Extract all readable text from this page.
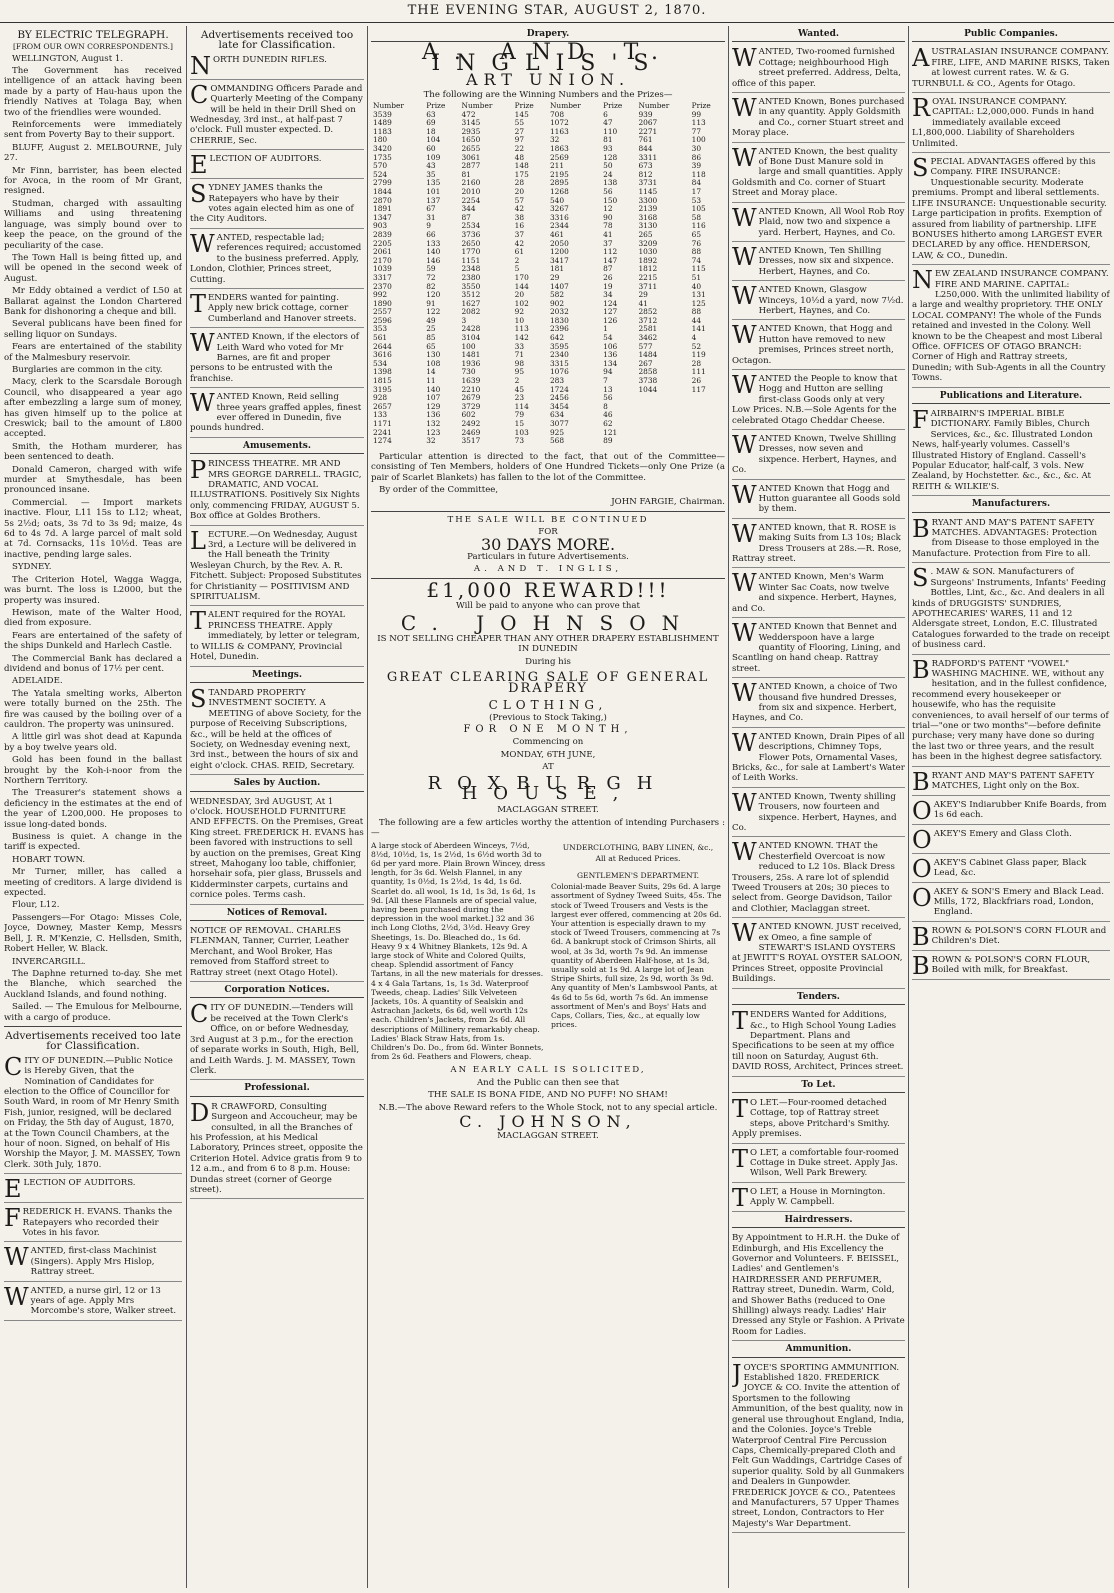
THE EVENING STAR, AUGUST 2, 1870.
BY ELECTRIC TELEGRAPH.
[FROM OUR OWN CORRESPONDENTS.]
WELLINGTON, August 1.
The Government has received intelligence of an attack having been made by a party of Hau-haus upon the friendly Natives at Tolaga Bay, when two of the friendlies were wounded.
Reinforcements were immediately sent from Poverty Bay to their support.
BLUFF, August 2. MELBOURNE, July 27.
Mr Finn, barrister, has been elected for Avoca, in the room of Mr Grant, resigned.
Studman, charged with assaulting Williams and using threatening language, was simply bound over to keep the peace, on the ground of the peculiarity of the case.
The Town Hall is being fitted up, and will be opened in the second week of August.
Mr Eddy obtained a verdict of L50 at Ballarat against the London Chartered Bank for dishonoring a cheque and bill.
Several publicans have been fined for selling liquor on Sundays.
Fears are entertained of the stability of the Malmesbury reservoir.
Burglaries are common in the city.
Macy, clerk to the Scarsdale Borough Council, who disappeared a year ago after embezzling a large sum of money, has given himself up to the police at Creswick; bail to the amount of L800 accepted.
Smith, the Hotham murderer, has been sentenced to death.
Donald Cameron, charged with wife murder at Smythesdale, has been pronounced insane.
Commercial. — Import markets inactive. Flour, L11 15s to L12; wheat, 5s 2½d; oats, 3s 7d to 3s 9d; maize, 4s 6d to 4s 7d. A large parcel of malt sold at 7d. Cornsacks, 11s 10½d. Teas are inactive, pending large sales.
SYDNEY.
The Criterion Hotel, Wagga Wagga, was burnt. The loss is L2000, but the property was insured.
Hewison, mate of the Walter Hood, died from exposure.
Fears are entertained of the safety of the ships Dunkeld and Harlech Castle.
The Commercial Bank has declared a dividend and bonus of 17½ per cent.
ADELAIDE.
The Yatala smelting works, Alberton were totally burned on the 25th. The fire was caused by the boiling over of a cauldron. The property was uninsured.
A little girl was shot dead at Kapunda by a boy twelve years old.
Gold has been found in the ballast brought by the Koh-i-noor from the Northern Territory.
The Treasurer's statement shows a deficiency in the estimates at the end of the year of L200,000. He proposes to issue long-dated bonds.
Business is quiet. A change in the tariff is expected.
HOBART TOWN.
Mr Turner, miller, has called a meeting of creditors. A large dividend is expected.
Flour, L12.
Passengers—For Otago: Misses Cole, Joyce, Downey, Master Kemp, Messrs Bell, J. R. M'Kenzie, C. Hellsden, Smith, Robert Heller, W. Black.
INVERCARGILL.
The Daphne returned to-day. She met the Blanche, which searched the Auckland Islands, and found nothing.
Sailed. — The Emulous for Melbourne, with a cargo of produce.
Advertisements received too late for Classification.
CITY OF DUNEDIN.—Public Notice is Hereby Given, that the Nomination of Candidates for election to the Office of Councillor for South Ward, in room of Mr Henry Smith Fish, junior, resigned, will be declared on Friday, the 5th day of August, 1870, at the Town Council Chambers, at the hour of noon. Signed, on behalf of His Worship the Mayor, J. M. MASSEY, Town Clerk. 30th July, 1870.
ELECTION OF AUDITORS.
FREDERICK H. EVANS. Thanks the Ratepayers who recorded their Votes in his favor.
WANTED, first-class Machinist (Singers). Apply Mrs Hislop, Rattray street.
WANTED, a nurse girl, 12 or 13 years of age. Apply Mrs Morcombe's store, Walker street.
Advertisements received too late for Classification.
NORTH DUNEDIN RIFLES.
COMMANDING Officers Parade and Quarterly Meeting of the Company will be held in their Drill Shed on Wednesday, 3rd inst., at half-past 7 o'clock. Full muster expected. D. CHERRIE, Sec.
ELECTION OF AUDITORS.
SYDNEY JAMES thanks the Ratepayers who have by their votes again elected him as one of the City Auditors.
WANTED, respectable lad; references required; accustomed to the business preferred. Apply, London, Clothier, Princes street, Cutting.
TENDERS wanted for painting. Apply new brick cottage, corner Cumberland and Hanover streets.
WANTED Known, if the electors of Leith Ward who voted for Mr Barnes, are fit and proper persons to be entrusted with the franchise.
WANTED Known, Reid selling three years graffed apples, finest ever offered in Dunedin, five pounds hundred.
Amusements.
PRINCESS THEATRE. MR AND MRS GEORGE DARRELL. TRAGIC, DRAMATIC, AND VOCAL ILLUSTRATIONS. Positively Six Nights only, commencing FRIDAY, AUGUST 5. Box office at Goldes Brothers.
LECTURE.—On Wednesday, August 3rd, a Lecture will be delivered in the Hall beneath the Trinity Wesleyan Church, by the Rev. A. R. Fitchett. Subject: Proposed Substitutes for Christianity — POSITIVISM AND SPIRITUALISM.
TALENT required for the ROYAL PRINCESS THEATRE. Apply immediately, by letter or telegram, to WILLIS & COMPANY, Provincial Hotel, Dunedin.
Meetings.
STANDARD PROPERTY INVESTMENT SOCIETY. A MEETING of above Society, for the purpose of Receiving Subscriptions, &c., will be held at the offices of Society, on Wednesday evening next, 3rd inst., between the hours of six and eight o'clock. CHAS. REID, Secretary.
Sales by Auction.
WEDNESDAY, 3rd AUGUST, At 1 o'clock. HOUSEHOLD FURNITURE AND EFFECTS. On the Premises, Great King street. FREDERICK H. EVANS has been favored with instructions to sell by auction on the premises, Great King street, Mahogany loo table, chiffonier, horsehair sofa, pier glass, Brussels and Kidderminster carpets, curtains and cornice poles. Terms cash.
Notices of Removal.
NOTICE OF REMOVAL. CHARLES FLENMAN, Tanner, Currier, Leather Merchant, and Wool Broker, Has removed from Stafford street to Rattray street (next Otago Hotel).
Corporation Notices.
CITY OF DUNEDIN.—Tenders will be received at the Town Clerk's Office, on or before Wednesday, 3rd August at 3 p.m., for the erection of separate works in South, High, Bell, and Leith Wards. J. M. MASSEY, Town Clerk.
Professional.
D R CRAWFORD, Consulting Surgeon and Accoucheur, may be consulted, in all the Branches of his Profession, at his Medical Laboratory, Princes street, opposite the Criterion Hotel. Advice gratis from 9 to 12 a.m., and from 6 to 8 p.m. House: Dundas street (corner of George street).
Drapery.
A. AND T. INGLIS'S
ART UNION.
The following are the Winning Numbers and the Prizes—
Number	Prize	Number	Prize	Number	Prize	Number	Prize
3539	63	472	145	708	6	939	99
1489	69	3145	55	1072	47	2067	113
1183	18	2935	27	1163	110	2271	77
180	104	1650	97	32	81	761	100
3420	60	2655	22	1863	93	844	30
1735	109	3061	48	2569	128	3311	86
570	43	2877	148	211	50	673	39
524	35	81	175	2195	24	812	118
2799	135	2160	28	2895	138	3731	84
1844	101	2010	20	1268	56	1145	17
2870	137	2254	57	540	150	3300	53
1891	67	344	42	3267	12	2139	105
1347	31	87	38	3316	90	3168	58
903	9	2534	16	2344	78	3130	116
2839	66	3736	37	461	41	265	65
2205	133	2650	42	2050	37	3209	76
2061	140	1770	61	1200	112	1030	88
2170	146	1151	2	3417	147	1892	74
1039	59	2348	5	181	87	1812	115
3317	72	2380	170	29	26	2215	51
2370	82	3550	144	1407	19	3711	40
992	120	3512	20	582	34	29	131
1890	91	1627	102	902	124	41	125
2557	122	2082	92	2032	127	2852	88
2596	49	3	10	1830	126	3712	44
353	25	2428	113	2396	1	2581	141
561	85	3104	142	642	54	3462	4
2644	65	100	33	3595	106	577	52
3616	130	1481	71	2340	136	1484	119
534	108	1936	98	3315	134	267	28
1398	14	730	95	1076	94	2858	111
1815	11	1639	2	283	7	3738	26
3195	140	2210	45	1724	13	1044	117
928	107	2679	23	2456	56		
2657	129	3729	114	3454	8		
133	136	602	79	634	46		
1171	132	2492	15	3077	62		
2241	123	2469	103	925	121		
1274	32	3517	73	568	89		
Particular attention is directed to the fact, that out of the Committee—consisting of Ten Members, holders of One Hundred Tickets—only One Prize (a pair of Scarlet Blankets) has fallen to the lot of the Committee.
By order of the Committee,
JOHN FARGIE, Chairman.
THE SALE WILL BE CONTINUED
FOR
30 DAYS MORE.
Particulars in future Advertisements.
A. AND T. INGLIS,
£1,000 REWARD!!!
Will be paid to anyone who can prove that
C. JOHNSON
IS NOT SELLING CHEAPER THAN ANY OTHER DRAPERY ESTABLISHMENT IN DUNEDIN
During his
GREAT CLEARING SALE OF GENERAL DRAPERY
CLOTHING,
(Previous to Stock Taking,)
FOR ONE MONTH,
Commencing on
MONDAY, 6TH JUNE,
AT
ROXBURGH HOUSE,
MACLAGGAN STREET.
The following are a few articles worthy the attention of intending Purchasers :—
A large stock of Aberdeen Winceys, 7½d, 8½d, 10½d, 1s, 1s 2½d, 1s 6½d worth 3d to 6d per yard more. Plain Brown Wincey, dress length, for 3s 6d. Welsh Flannel, in any quantity, 1s 0½d, 1s 2½d, 1s 4d, 1s 6d. Scarlet do. all wool, 1s 1d, 1s 3d, 1s 6d, 1s 9d. [All these Flannels are of special value, having been purchased during the depression in the wool market.] 32 and 36 inch Long Cloths, 2½d, 3½d. Heavy Grey Sheetings, 1s. Do. Bleached do., 1s 6d. Heavy 9 x 4 Whitney Blankets, 12s 9d. A large stock of White and Colored Quilts, cheap. Splendid assortment of Fancy Tartans, in all the new materials for dresses. 4 x 4 Gala Tartans, 1s, 1s 3d. Waterproof Tweeds, cheap. Ladies' Silk Velveteen Jackets, 10s. A quantity of Sealskin and Astrachan Jackets, 6s 6d, well worth 12s each. Children's Jackets, from 2s 6d. All descriptions of Millinery remarkably cheap. Ladies' Black Straw Hats, from 1s. Children's Do. Do., from 6d. Winter Bonnets, from 2s 6d. Feathers and Flowers, cheap.
UNDERCLOTHING, BABY LINEN, &c.,
All at Reduced Prices.
GENTLEMEN'S DEPARTMENT.
Colonial-made Beaver Suits, 29s 6d. A large assortment of Sydney Tweed Suits, 45s. The stock of Tweed Trousers and Vests is the largest ever offered, commencing at 20s 6d. Your attention is especially drawn to my stock of Tweed Trousers, commencing at 7s 6d. A bankrupt stock of Crimson Shirts, all wool, at 3s 3d, worth 7s 9d. An immense quantity of Aberdeen Half-hose, at 1s 3d, usually sold at 1s 9d. A large lot of Jean Stripe Shirts, full size, 2s 9d, worth 3s 9d. Any quantity of Men's Lambswool Pants, at 4s 6d to 5s 6d, worth 7s 6d. An immense assortment of Men's and Boys' Hats and Caps, Collars, Ties, &c., at equally low prices.
AN EARLY CALL IS SOLICITED,
And the Public can then see that
THE SALE IS BONA FIDE, AND NO PUFF! NO SHAM!
N.B.—The above Reward refers to the Whole Stock, not to any special article.
C. JOHNSON,
MACLAGGAN STREET.
Wanted.
WANTED, Two-roomed furnished Cottage; neighbourhood High street preferred. Address, Delta, office of this paper.
WANTED Known, Bones purchased in any quantity. Apply Goldsmith and Co., corner Stuart street and Moray place.
WANTED Known, the best quality of Bone Dust Manure sold in large and small quantities. Apply Goldsmith and Co. corner of Stuart Street and Moray place.
WANTED Known, All Wool Rob Roy Plaid, now two and sixpence a yard. Herbert, Haynes, and Co.
WANTED Known, Ten Shilling Dresses, now six and sixpence. Herbert, Haynes, and Co.
WANTED Known, Glasgow Winceys, 10½d a yard, now 7½d. Herbert, Haynes, and Co.
WANTED Known, that Hogg and Hutton have removed to new premises, Princes street north, Octagon.
WANTED the People to know that Hogg and Hutton are selling first-class Goods only at very Low Prices. N.B.—Sole Agents for the celebrated Otago Cheddar Cheese.
WANTED Known, Twelve Shilling Dresses, now seven and sixpence. Herbert, Haynes, and Co.
WANTED Known that Hogg and Hutton guarantee all Goods sold by them.
WANTED known, that R. ROSE is making Suits from L3 10s; Black Dress Trousers at 28s.—R. Rose, Rattray street.
WANTED Known, Men's Warm Winter Sac Coats, now twelve and sixpence. Herbert, Haynes, and Co.
WANTED Known that Bennet and Wedderspoon have a large quantity of Flooring, Lining, and Scantling on hand cheap. Rattray street.
WANTED Known, a choice of Two thousand five hundred Dresses, from six and sixpence. Herbert, Haynes, and Co.
WANTED Known, Drain Pipes of all descriptions, Chimney Tops, Flower Pots, Ornamental Vases, Bricks, &c., for sale at Lambert's Water of Leith Works.
WANTED Known, Twenty shilling Trousers, now fourteen and sixpence. Herbert, Haynes, and Co.
WANTED KNOWN. THAT the Chesterfield Overcoat is now reduced to L2 10s. Black Dress Trousers, 25s. A rare lot of splendid Tweed Trousers at 20s; 30 pieces to select from. George Davidson, Tailor and Clothier, Maclaggan street.
WANTED KNOWN. JUST received, ex Omeo, a fine sample of STEWART'S ISLAND OYSTERS at JEWITT'S ROYAL OYSTER SALOON, Princes Street, opposite Provincial Buildings.
Tenders.
TENDERS Wanted for Additions, &c., to High School Young Ladies Department. Plans and Specifications to be seen at my office till noon on Saturday, August 6th. DAVID ROSS, Architect, Princes street.
To Let.
T O LET.—Four-roomed detached Cottage, top of Rattray street steps, above Pritchard's Smithy. Apply premises.
T O LET, a comfortable four-roomed Cottage in Duke street. Apply Jas. Wilson, Well Park Brewery.
T O LET, a House in Mornington. Apply W. Campbell.
Hairdressers.
By Appointment to H.R.H. the Duke of Edinburgh, and His Excellency the Governor and Volunteers. F. BEISSEL, Ladies' and Gentlemen's HAIRDRESSER AND PERFUMER, Rattray street, Dunedin. Warm, Cold, and Shower Baths (reduced to One Shilling) always ready. Ladies' Hair Dressed any Style or Fashion. A Private Room for Ladies.
Ammunition.
JOYCE'S SPORTING AMMUNITION. Established 1820. FREDERICK JOYCE & CO. Invite the attention of Sportsmen to the following Ammunition, of the best quality, now in general use throughout England, India, and the Colonies. Joyce's Treble Waterproof Central Fire Percussion Caps, Chemically-prepared Cloth and Felt Gun Waddings, Cartridge Cases of superior quality. Sold by all Gunmakers and Dealers in Gunpowder. FREDERICK JOYCE & CO., Patentees and Manufacturers, 57 Upper Thames street, London, Contractors to Her Majesty's War Department.
Public Companies.
AUSTRALASIAN INSURANCE COMPANY. FIRE, LIFE, AND MARINE RISKS, Taken at lowest current rates. W. & G. TURNBULL & CO., Agents for Otago.
ROYAL INSURANCE COMPANY. CAPITAL: L2,000,000. Funds in hand immediately available exceed L1,800,000. Liability of Shareholders Unlimited.
SPECIAL ADVANTAGES offered by this Company. FIRE INSURANCE: Unquestionable security. Moderate premiums. Prompt and liberal settlements. LIFE INSURANCE: Unquestionable security. Large participation in profits. Exemption of assured from liability of partnership. LIFE BONUSES hitherto among LARGEST EVER DECLARED by any office. HENDERSON, LAW, & CO., Dunedin.
NEW ZEALAND INSURANCE COMPANY. FIRE AND MARINE. CAPITAL: L250,000. With the unlimited liability of a large and wealthy proprietory. THE ONLY LOCAL COMPANY! The whole of the Funds retained and invested in the Colony. Well known to be the Cheapest and most Liberal Office. OFFICES OF OTAGO BRANCH: Corner of High and Rattray streets, Dunedin; with Sub-Agents in all the Country Towns.
Publications and Literature.
FAIRBAIRN'S IMPERIAL BIBLE DICTIONARY. Family Bibles, Church Services, &c., &c. Illustrated London News, half-yearly volumes. Cassell's Illustrated History of England. Cassell's Popular Educator, half-calf, 3 vols. New Zealand, by Hochstetter. &c., &c., &c. At REITH & WILKIE'S.
Manufacturers.
BRYANT AND MAY'S PATENT SAFETY MATCHES. ADVANTAGES: Protection from Disease to those employed in the Manufacture. Protection from Fire to all.
S . MAW & SON. Manufacturers of Surgeons' Instruments, Infants' Feeding Bottles, Lint, &c., &c. And dealers in all kinds of DRUGGISTS' SUNDRIES, APOTHECARIES' WARES, 11 and 12 Aldersgate street, London, E.C. Illustrated Catalogues forwarded to the trade on receipt of business card.
BRADFORD'S PATENT "VOWEL" WASHING MACHINE. WE, without any hesitation, and in the fullest confidence, recommend every housekeeper or housewife, who has the requisite conveniences, to avail herself of our terms of trial—"one or two months"—before definite purchase; very many have done so during the last two or three years, and the result has been in the highest degree satisfactory.
BRYANT AND MAY'S PATENT SAFETY MATCHES, Light only on the Box.
OAKEY'S Indiarubber Knife Boards, from 1s 6d each.
OAKEY'S Emery and Glass Cloth.
OAKEY'S Cabinet Glass paper, Black Lead, &c.
OAKEY & SON'S Emery and Black Lead. Mills, 172, Blackfriars road, London, England.
BROWN & POLSON'S CORN FLOUR and Children's Diet.
BROWN & POLSON'S CORN FLOUR, Boiled with milk, for Breakfast.
